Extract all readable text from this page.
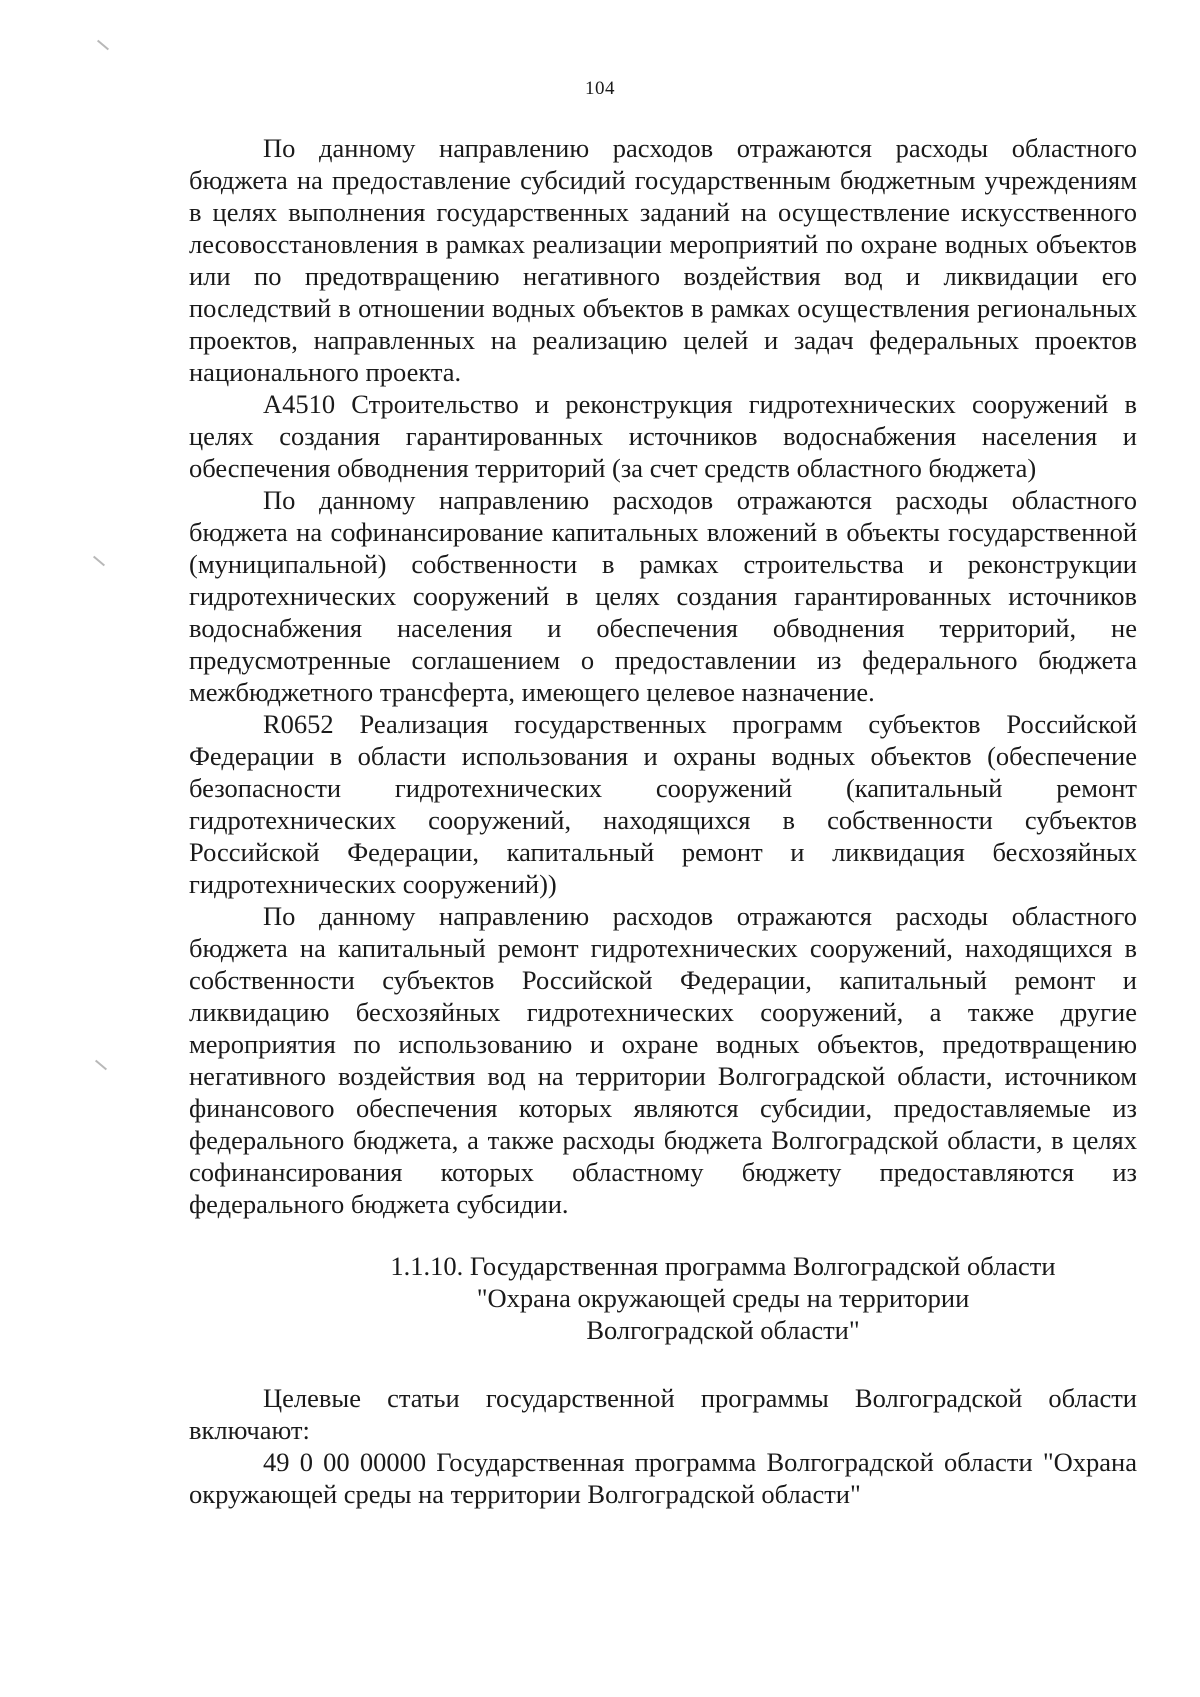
104

По данному направлению расходов отражаются расходы областного бюджета на предоставление субсидий государственным бюджетным учреждениям в целях выполнения государственных заданий на осуществление искусственного лесовосстановления в рамках реализации мероприятий по охране водных объектов или по предотвращению негативного воздействия вод и ликвидации его последствий в отношении водных объектов в рамках осуществления региональных проектов, направленных на реализацию целей и задач федеральных проектов национального проекта.

А4510 Строительство и реконструкция гидротехнических сооружений в целях создания гарантированных источников водоснабжения населения и обеспечения обводнения территорий (за счет средств областного бюджета)

По данному направлению расходов отражаются расходы областного бюджета на софинансирование капитальных вложений в объекты государственной (муниципальной) собственности в рамках строительства и реконструкции гидротехнических сооружений в целях создания гарантированных источников водоснабжения населения и обеспечения обводнения территорий, не предусмотренные соглашением о предоставлении из федерального бюджета межбюджетного трансферта, имеющего целевое назначение.

R0652 Реализация государственных программ субъектов Российской Федерации в области использования и охраны водных объектов (обеспечение безопасности гидротехнических сооружений (капитальный ремонт гидротехнических сооружений, находящихся в собственности субъектов Российской Федерации, капитальный ремонт и ликвидация бесхозяйных гидротехнических сооружений))

По данному направлению расходов отражаются расходы областного бюджета на капитальный ремонт гидротехнических сооружений, находящихся в собственности субъектов Российской Федерации, капитальный ремонт и ликвидацию бесхозяйных гидротехнических сооружений, а также другие мероприятия по использованию и охране водных объектов, предотвращению негативного воздействия вод на территории Волгоградской области, источником финансового обеспечения которых являются субсидии, предоставляемые из федерального бюджета, а также расходы бюджета Волгоградской области, в целях софинансирования которых областному бюджету предоставляются из федерального бюджета субсидии.

1.1.10. Государственная программа Волгоградской области
"Охрана окружающей среды на территории
Волгоградской области"

Целевые статьи государственной программы Волгоградской области включают:

49 0 00 00000 Государственная программа Волгоградской области "Охрана окружающей среды на территории Волгоградской области"
